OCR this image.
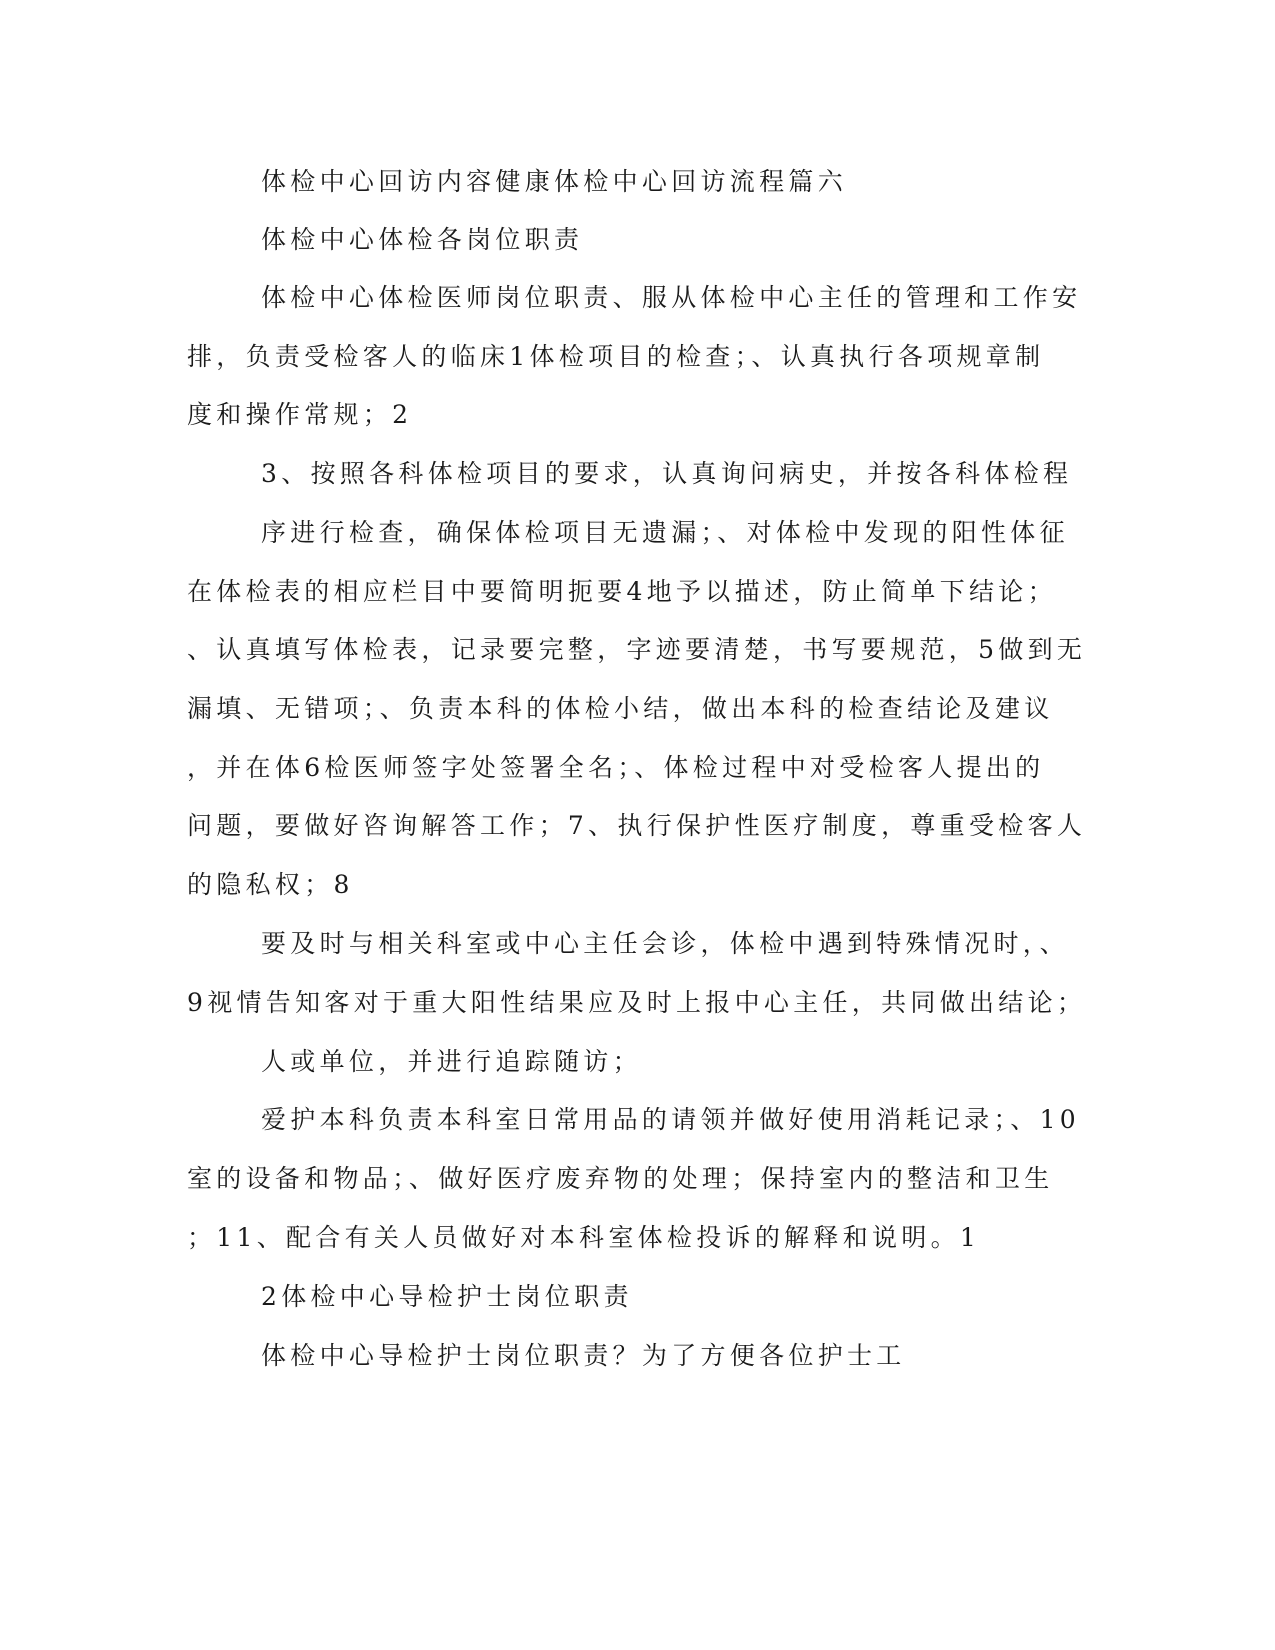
体检中心回访内容健康体检中心回访流程篇六
体检中心体检各岗位职责
体检中心体检医师岗位职责、服从体检中心主任的管理和工作安
排，负责受检客人的临床1体检项目的检查；、认真执行各项规章制
度和操作常规；2
3、按照各科体检项目的要求，认真询问病史，并按各科体检程
序进行检查，确保体检项目无遗漏；、对体检中发现的阳性体征
在体检表的相应栏目中要简明扼要4地予以描述，防止简单下结论；
、认真填写体检表，记录要完整，字迹要清楚，书写要规范，5做到无
漏填、无错项；、负责本科的体检小结，做出本科的检查结论及建议
，并在体6检医师签字处签署全名；、体检过程中对受检客人提出的
问题，要做好咨询解答工作；7、执行保护性医疗制度，尊重受检客人
的隐私权；8
要及时与相关科室或中心主任会诊，体检中遇到特殊情况时，、
9视情告知客对于重大阳性结果应及时上报中心主任，共同做出结论；
人或单位，并进行追踪随访；
爱护本科负责本科室日常用品的请领并做好使用消耗记录；、10
室的设备和物品；、做好医疗废弃物的处理；保持室内的整洁和卫生
；11、配合有关人员做好对本科室体检投诉的解释和说明。1
2体检中心导检护士岗位职责
体检中心导检护士岗位职责？为了方便各位护士工
